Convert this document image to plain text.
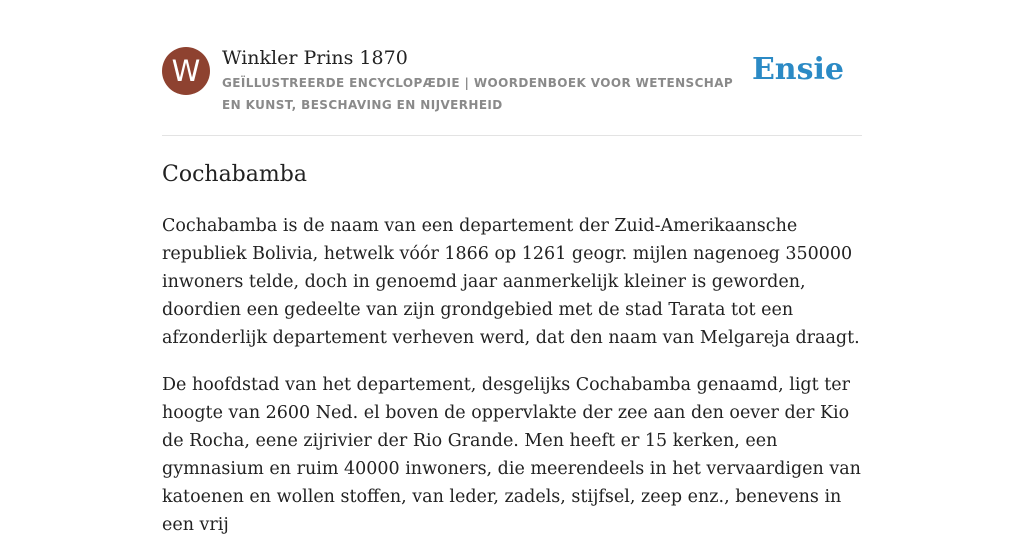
W	Winkler Prins 1870
GEÏLLUSTREERDE ENCYCLOPÆDIE | WOORDENBOEK VOOR WETENSCHAP EN KUNST, BESCHAVING EN NIJVERHEID
Ensie
Cochabamba

Cochabamba is de naam van een departement der Zuid-Amerikaansche republiek Bolivia, hetwelk vóór 1866 op 1261 geogr. mijlen nagenoeg 350000 inwoners telde, doch in genoemd jaar aanmerkelijk kleiner is geworden, doordien een gedeelte van zijn grondgebied met de stad Tarata tot een afzonderlijk departement verheven werd, dat den naam van Melgareja draagt.

De hoofdstad van het departement, desgelijks Cochabamba genaamd, ligt ter hoogte van 2600 Ned. el boven de oppervlakte der zee aan den oever der Kio de Rocha, eene zijrivier der Rio Grande. Men heeft er 15 kerken, een gymnasium en ruim 40000 inwoners, die meerendeels in het vervaardigen van katoenen en wollen stoffen, van leder, zadels, stijfsel, zeep enz., benevens in een vrij
